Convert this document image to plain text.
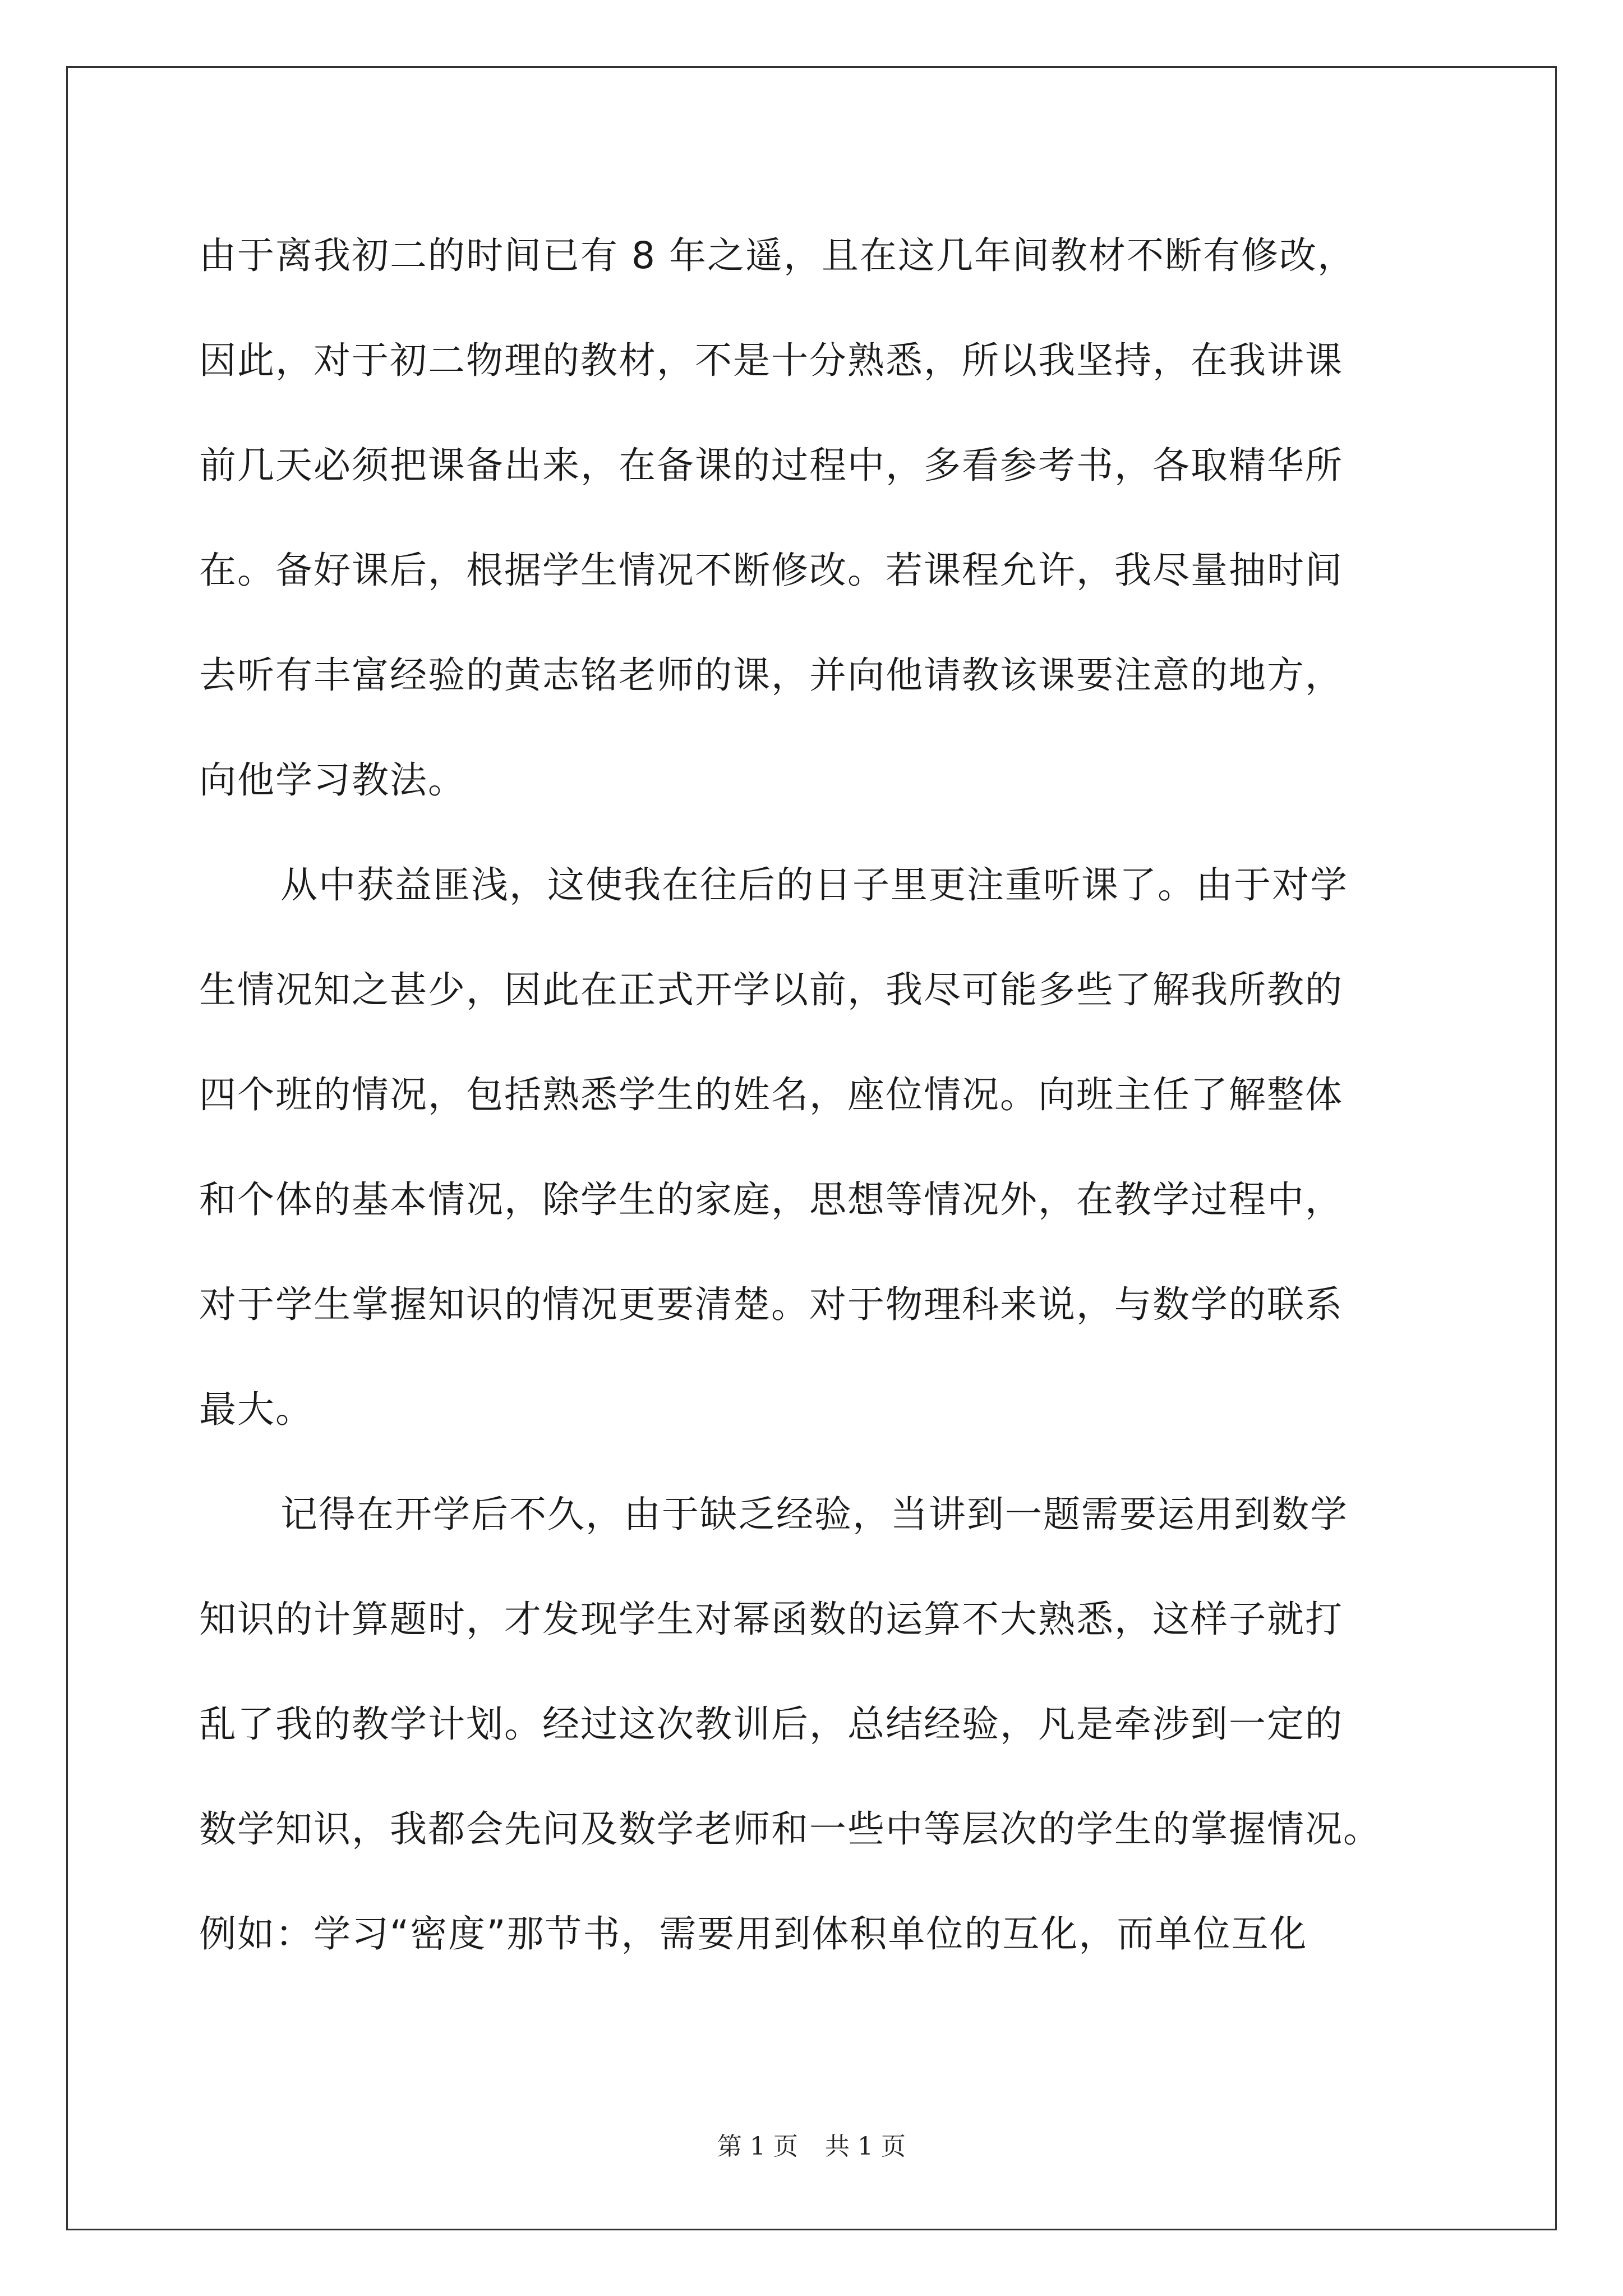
由于离我初二的时间已有 8 年之遥，且在这几年间教材不断有修改，
因此，对于初二物理的教材，不是十分熟悉，所以我坚持，在我讲课
前几天必须把课备出来，在备课的过程中，多看参考书，各取精华所
在。备好课后，根据学生情况不断修改。若课程允许，我尽量抽时间
去听有丰富经验的黄志铭老师的课，并向他请教该课要注意的地方，
向他学习教法。
从中获益匪浅，这使我在往后的日子里更注重听课了。由于对学
生情况知之甚少，因此在正式开学以前，我尽可能多些了解我所教的
四个班的情况，包括熟悉学生的姓名，座位情况。向班主任了解整体
和个体的基本情况，除学生的家庭，思想等情况外，在教学过程中，
对于学生掌握知识的情况更要清楚。对于物理科来说，与数学的联系
最大。
记得在开学后不久，由于缺乏经验，当讲到一题需要运用到数学
知识的计算题时，才发现学生对幂函数的运算不大熟悉，这样子就打
乱了我的教学计划。经过这次教训后，总结经验，凡是牵涉到一定的
数学知识，我都会先问及数学老师和一些中等层次的学生的掌握情况。
例如：学习“密度”那节书，需要用到体积单位的互化，而单位互化
第 1 页 共 1 页
